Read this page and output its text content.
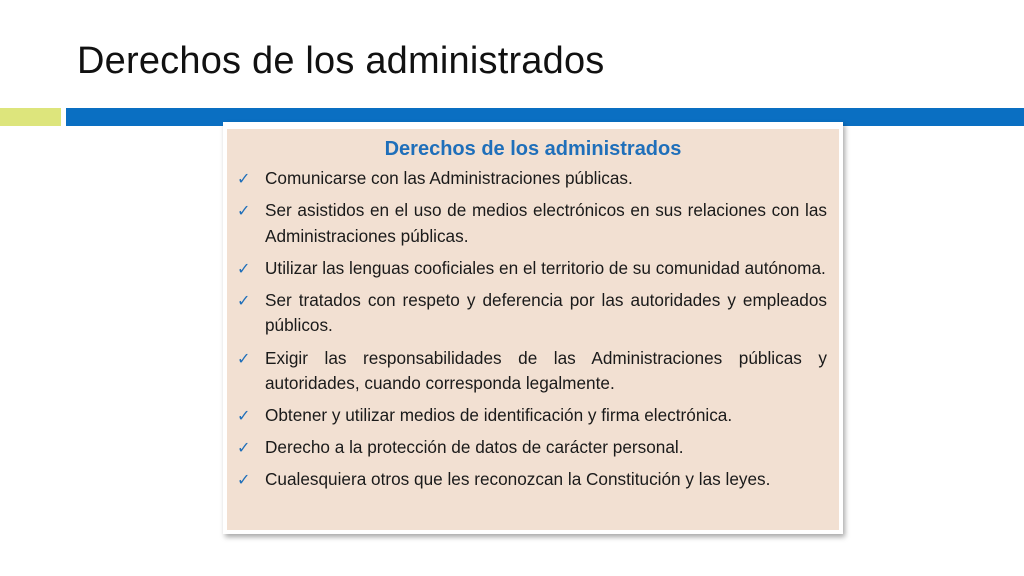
Derechos de los administrados
Derechos de los administrados
✓ Comunicarse con las Administraciones públicas.
✓ Ser asistidos en el uso de medios electrónicos en sus relaciones con las Administraciones públicas.
✓ Utilizar las lenguas cooficiales en el territorio de su comunidad autónoma.
✓ Ser tratados con respeto y deferencia por las autoridades y empleados públicos.
✓ Exigir las responsabilidades de las Administraciones públicas y autoridades, cuando corresponda legalmente.
✓ Obtener y utilizar medios de identificación y firma electrónica.
✓ Derecho a la protección de datos de carácter personal.
✓ Cualesquiera otros que les reconozcan la Constitución y las leyes.
